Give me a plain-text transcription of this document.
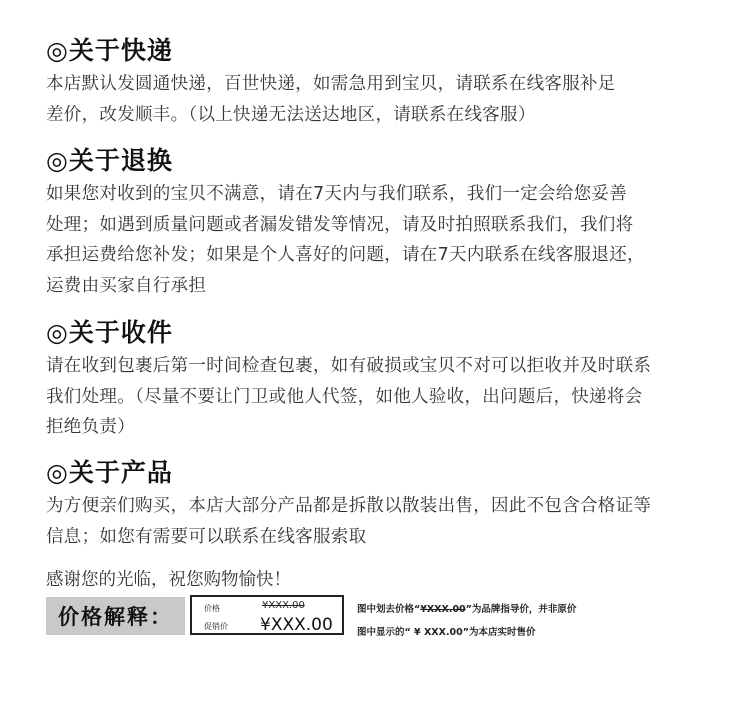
◎关于快递

本店默认发圆通快递，百世快递，如需急用到宝贝，请联系在线客服补足

差价，改发顺丰。（以上快递无法送达地区，请联系在线客服）

◎关于退换

如果您对收到的宝贝不满意，请在7天内与我们联系，我们一定会给您妥善

处理；如遇到质量问题或者漏发错发等情况，请及时拍照联系我们，我们将

承担运费给您补发；如果是个人喜好的问题，请在7天内联系在线客服退还，

运费由买家自行承担

◎关于收件

请在收到包裹后第一时间检查包裹，如有破损或宝贝不对可以拒收并及时联系

我们处理。（尽量不要让门卫或他人代签，如他人验收，出问题后，快递将会

拒绝负责）

◎关于产品

为方便亲们购买，本店大部分产品都是拆散以散装出售，因此不包含合格证等

信息；如您有需要可以联系在线客服索取

感谢您的光临，祝您购物愉快！
价格解释：	价格
促销价
¥XXX.00
¥XXX.00
图中划去价格“¥XXX.00”为品牌指导价，并非原价
图中显示的“ ¥ XXX.00”为本店实时售价
